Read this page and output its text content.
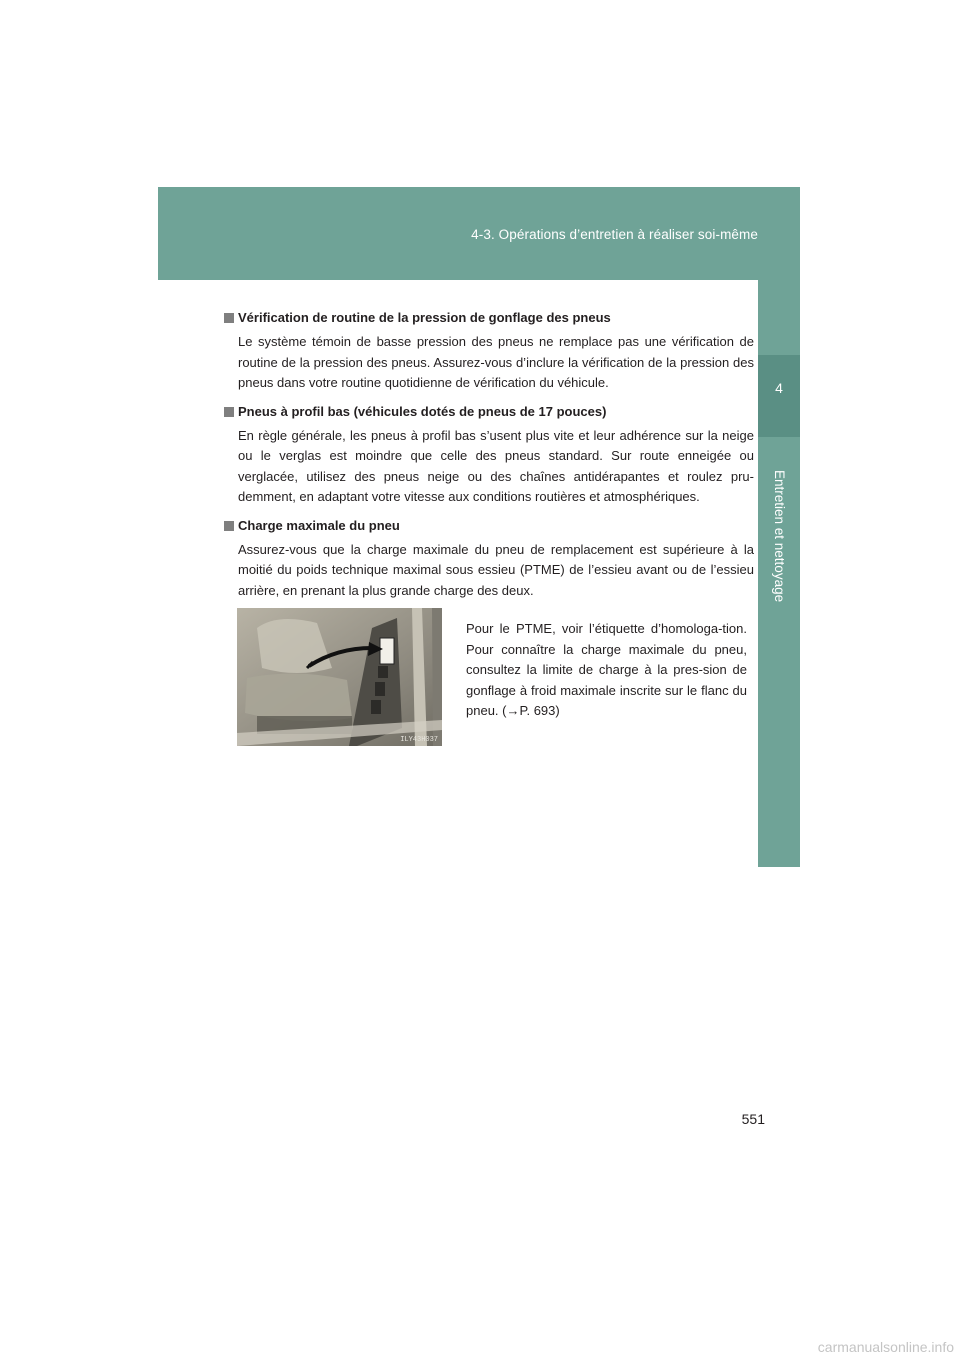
4-3. Opérations d’entretien à réaliser soi-même
4
Entretien et nettoyage
Vérification de routine de la pression de gonflage des pneus

Le système témoin de basse pression des pneus ne remplace pas une vérification de routine de la pression des pneus. Assurez-vous d’inclure la vérification de la pression des pneus dans votre routine quotidienne de vérification du véhicule.

Pneus à profil bas (véhicules dotés de pneus de 17 pouces)

En règle générale, les pneus à profil bas s’usent plus vite et leur adhérence sur la neige ou le verglas est moindre que celle des pneus standard. Sur route enneigée ou verglacée, utilisez des pneus neige ou des chaînes antidérapantes et roulez pru-demment, en adaptant votre vitesse aux conditions routières et atmosphériques.

Charge maximale du pneu

Assurez-vous que la charge maximale du pneu de remplacement est supérieure à la moitié du poids technique maximal sous essieu (PTME) de l’essieu avant ou de l’essieu arrière, en prenant la plus grande charge des deux.

ILY43H037

Pour le PTME, voir l’étiquette d’homologa-tion. Pour connaître la charge maximale du pneu, consultez la limite de charge à la pres-sion de gonflage à froid maximale inscrite sur le flanc du pneu. (→P. 693)

551
carmanualsonline.info
